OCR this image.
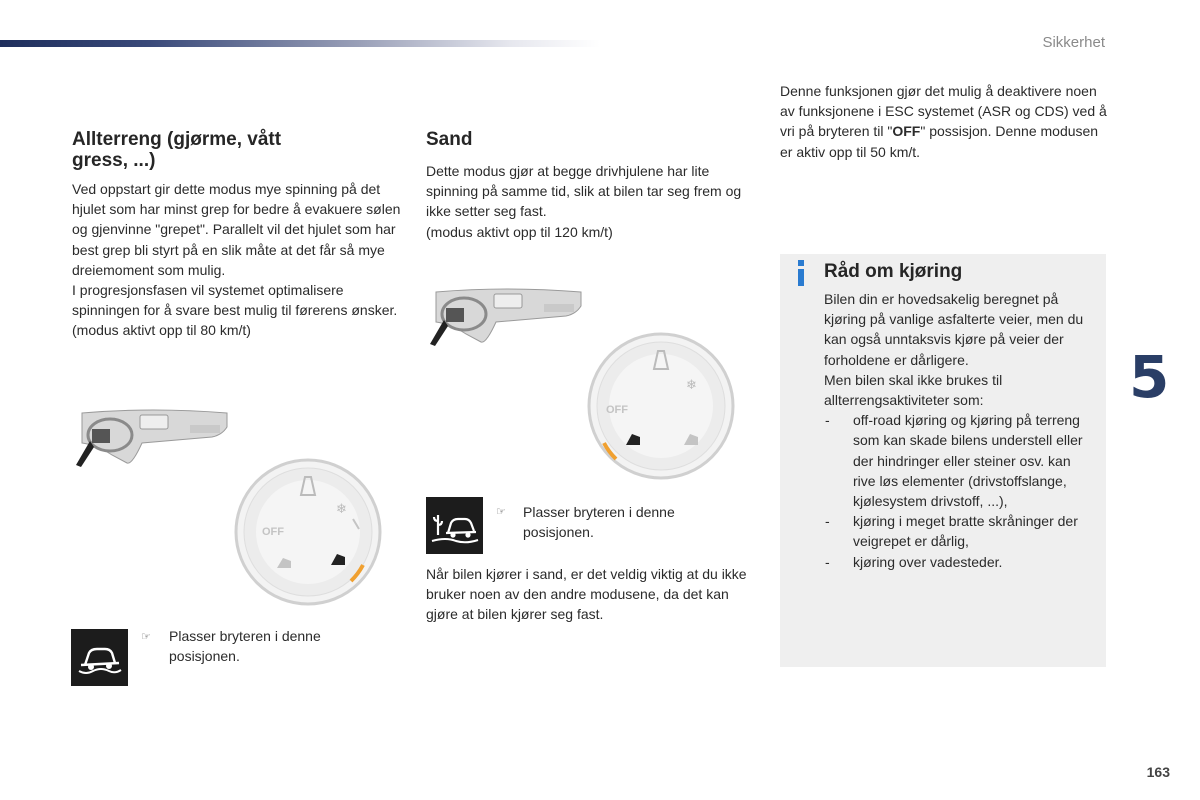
Sikkerhet
Allterreng (gjørme, vått gress, ...)

Ved oppstart gir dette modus mye spinning på det hjulet som har minst grep for bedre å evakuere sølen og gjenvinne "grepet". Parallelt vil det hjulet som har best grep bli styrt på en slik måte at det får så mye dreiemoment som mulig.

I progresjonsfasen vil systemet optimalisere spinningen for å svare best mulig til førerens ønsker.

(modus aktivt opp til 80 km/t)

OFF
❄
☞ Plasser bryteren i denne posisjonen.
Sand

Dette modus gjør at begge drivhjulene har lite spinning på samme tid, slik at bilen tar seg frem og ikke setter seg fast.

(modus aktivt opp til 120 km/t)

OFF
❄
☞ Plasser bryteren i denne posisjonen.
Når bilen kjører i sand, er det veldig viktig at du ikke bruker noen av den andre modusene, da det kan gjøre at bilen kjører seg fast.
Denne funksjonen gjør det mulig å deaktivere noen av funksjonene i ESC systemet (ASR og CDS) ved å vri på bryteren til "OFF" possisjon. Denne modusen er aktiv opp til 50 km/t.
Råd om kjøring

Bilen din er hovedsakelig beregnet på kjøring på vanlige asfalterte veier, men du kan også unntaksvis kjøre på veier der forholdene er dårligere.

Men bilen skal ikke brukes til allterrengsaktiviteter som:

- off-road kjøring og kjøring på terreng som kan skade bilens understell eller der hindringer eller steiner osv. kan rive løs elementer (drivstoffslange, kjølesystem drivstoff, ...),
- kjøring i meget bratte skråninger der veigrepet er dårlig,
- kjøring over vadesteder.
5
163
